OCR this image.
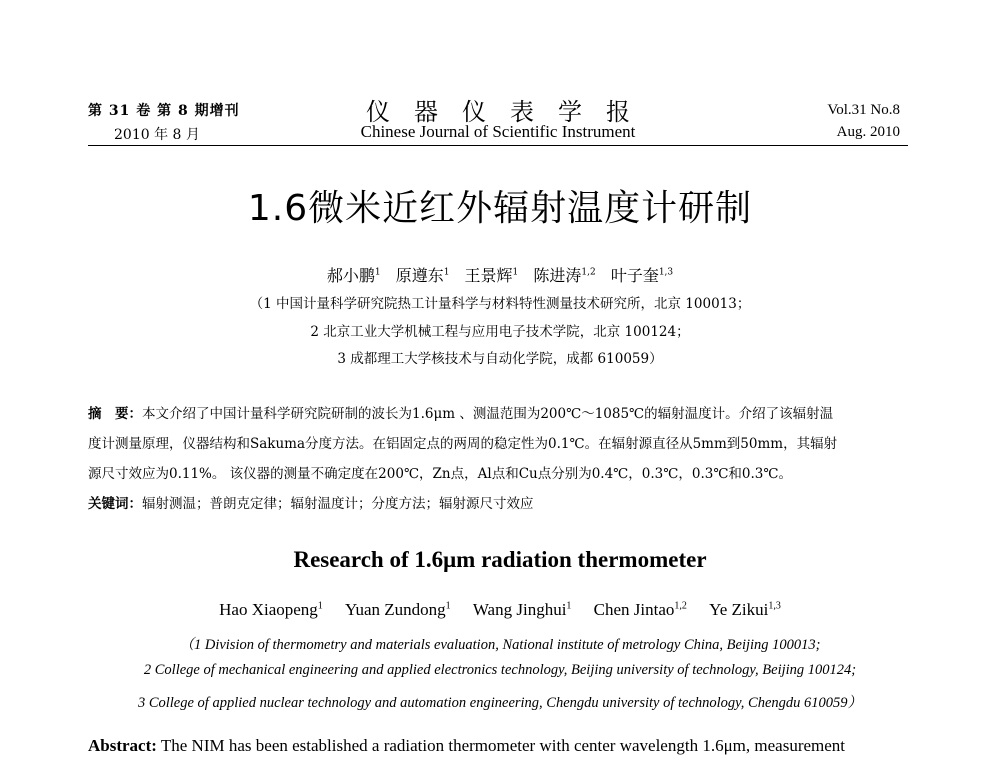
第 31 卷 第 8 期增刊
2010 年 8 月
仪器仪表学报
Chinese Journal of Scientific Instrument
Vol.31 No.8
Aug. 2010
1.6微米近红外辐射温度计研制
郝小鹏$^1$ 原遵东$^1$ 王景辉$^1$ 陈进涛$^{1,2}$ 叶子奎$^{1,3}$
（1 中国计量科学研究院热工计量科学与材料特性测量技术研究所，北京 100013；
2 北京工业大学机械工程与应用电子技术学院，北京 100124；
3 成都理工大学核技术与自动化学院，成都 610059）
摘　要：本文介绍了中国计量科学研究院研制的波长为1.6μm 、测温范围为200℃～1085℃的辐射温度计。介绍了该辐射温
度计测量原理，仪器结构和Sakuma分度方法。在铝固定点的两周的稳定性为0.1℃。在辐射源直径从5mm到50mm，其辐射
源尺寸效应为0.11%。 该仪器的测量不确定度在200℃，Zn点，Al点和Cu点分别为0.4℃，0.3℃，0.3℃和0.3℃。
关键词：辐射测温；普朗克定律；辐射温度计；分度方法；辐射源尺寸效应
Research of 1.6μm radiation thermometer
Hao Xiaopeng$^1$ Yuan Zundong$^1$ Wang Jinghui$^1$ Chen Jintao$^{1,2}$ Ye Zikui$^{1,3}$
（1 Division of thermometry and materials evaluation, National institute of metrology China, Beijing 100013;
2 College of mechanical engineering and applied electronics technology, Beijing university of technology, Beijing 100124;
3 College of applied nuclear technology and automation engineering, Chengdu university of technology, Chengdu 610059）
Abstract: The NIM has been established a radiation thermometer with center wavelength 1.6μm, measurement
